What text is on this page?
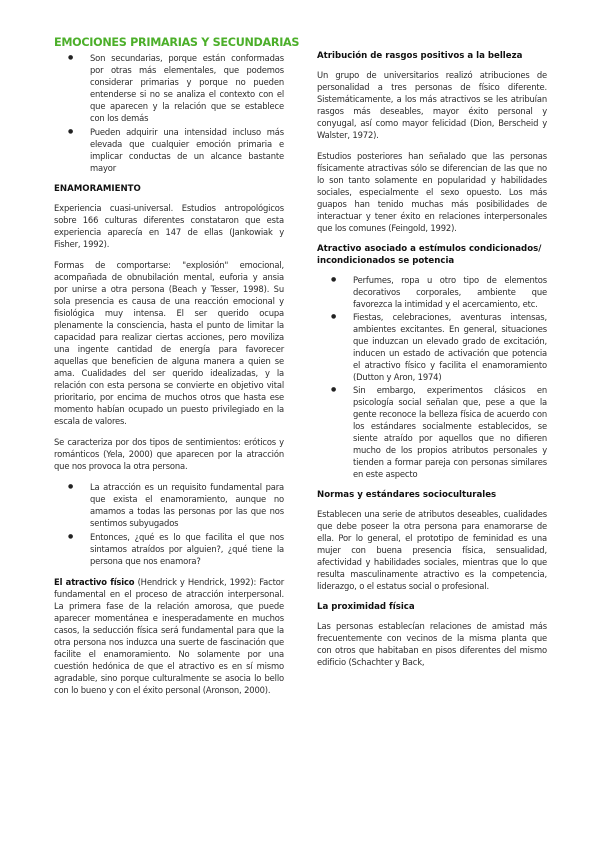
EMOCIONES PRIMARIAS Y SECUNDARIAS
● Son secundarias, porque están conformadas por otras más elementales, que podemos considerar primarias y porque no pueden entenderse si no se analiza el contexto con el que aparecen y la relación que se establece con los demás
● Pueden adquirir una intensidad incluso más elevada que cualquier emoción primaria e implicar conductas de un alcance bastante mayor
ENAMORAMIENTO

Experiencia cuasi-universal. Estudios antropológicos sobre 166 culturas diferentes constataron que esta experiencia aparecía en 147 de ellas (Jankowiak y Fisher, 1992).

Formas de comportarse: "explosión" emocional, acompañada de obnubilación mental, euforia y ansia por unirse a otra persona (Beach y Tesser, 1998). Su sola presencia es causa de una reacción emocional y fisiológica muy intensa. El ser querido ocupa plenamente la consciencia, hasta el punto de limitar la capacidad para realizar ciertas acciones, pero moviliza una ingente cantidad de energía para favorecer aquellas que beneficien de alguna manera a quien se ama. Cualidades del ser querido idealizadas, y la relación con esta persona se convierte en objetivo vital prioritario, por encima de muchos otros que hasta ese momento habían ocupado un puesto privilegiado en la escala de valores.

Se caracteriza por dos tipos de sentimientos: eróticos y románticos (Yela, 2000) que aparecen por la atracción que nos provoca la otra persona.

● La atracción es un requisito fundamental para que exista el enamoramiento, aunque no amamos a todas las personas por las que nos sentimos subyugados
● Entonces, ¿qué es lo que facilita el que nos sintamos atraídos por alguien?, ¿qué tiene la persona que nos enamora?

El atractivo físico (Hendrick y Hendrick, 1992): Factor fundamental en el proceso de atracción interpersonal. La primera fase de la relación amorosa, que puede aparecer momentánea e inesperadamente en muchos casos, la seducción física será fundamental para que la otra persona nos induzca una suerte de fascinación que facilite el enamoramiento. No solamente por una cuestión hedónica de que el atractivo es en sí mismo agradable, sino porque culturalmente se asocia lo bello con lo bueno y con el éxito personal (Aronson, 2000).

Atribución de rasgos positivos a la belleza

Un grupo de universitarios realizó atribuciones de personalidad a tres personas de físico diferente. Sistemáticamente, a los más atractivos se les atribuían rasgos más deseables, mayor éxito personal y conyugal, así como mayor felicidad (Dion, Berscheid y Walster, 1972).

Estudios posteriores han señalado que las personas físicamente atractivas sólo se diferencian de las que no lo son tanto solamente en popularidad y habilidades sociales, especialmente el sexo opuesto. Los más guapos han tenido muchas más posibilidades de interactuar y tener éxito en relaciones interpersonales que los comunes (Feingold, 1992).

Atractivo asociado a estímulos condicionados/ incondicionados se potencia
● Perfumes, ropa u otro tipo de elementos decorativos corporales, ambiente que favorezca la intimidad y el acercamiento, etc.
● Fiestas, celebraciones, aventuras intensas, ambientes excitantes. En general, situaciones que induzcan un elevado grado de excitación, inducen un estado de activación que potencia el atractivo físico y facilita el enamoramiento (Dutton y Aron, 1974)
● Sin embargo, experimentos clásicos en psicología social señalan que, pese a que la gente reconoce la belleza física de acuerdo con los estándares socialmente establecidos, se siente atraído por aquellos que no difieren mucho de los propios atributos personales y tienden a formar pareja con personas similares en este aspecto
Normas y estándares socioculturales

Establecen una serie de atributos deseables, cualidades que debe poseer la otra persona para enamorarse de ella. Por lo general, el prototipo de feminidad es una mujer con buena presencia física, sensualidad, afectividad y habilidades sociales, mientras que lo que resulta masculinamente atractivo es la competencia, liderazgo, o el estatus social o profesional.

La proximidad física

Las personas establecían relaciones de amistad más frecuentemente con vecinos de la misma planta que con otros que habitaban en pisos diferentes del mismo edificio (Schachter y Back,
